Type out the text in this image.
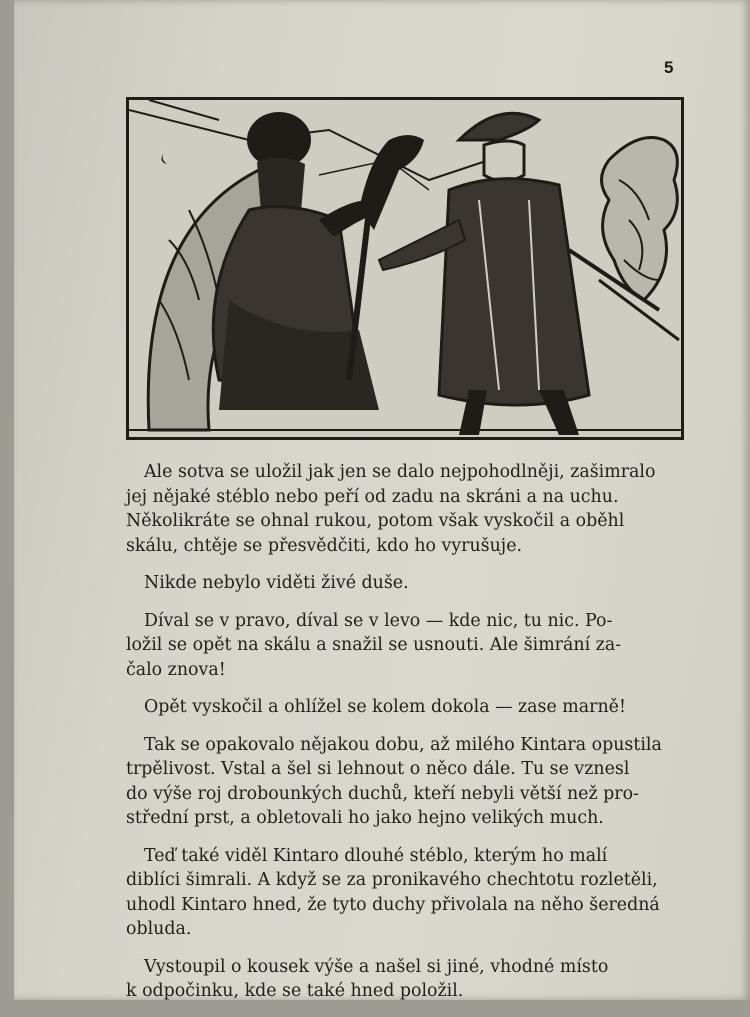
5

Ale sotva se uložil jak jen se dalo nejpohodlněji, zašimralo
jej nějaké stéblo nebo peří od zadu na skráni a na uchu.
Několikráte se ohnal rukou, potom však vyskočil a oběhl
skálu, chtěje se přesvědčiti, kdo ho vyrušuje.

Nikde nebylo viděti živé duše.

Díval se v pravo, díval se v levo — kde nic, tu nic. Po-
ložil se opět na skálu a snažil se usnouti. Ale šimrání za-
čalo znova!

Opět vyskočil a ohlížel se kolem dokola — zase marně!

Tak se opakovalo nějakou dobu, až milého Kintara opustila
trpělivost. Vstal a šel si lehnout o něco dále. Tu se vznesl
do výše roj drobounkých duchů, kteří nebyli větší než pro-
střední prst, a obletovali ho jako hejno velikých much.

Teď také viděl Kintaro dlouhé stéblo, kterým ho malí
diblíci šimrali. A když se za pronikavého chechtotu rozletěli,
uhodl Kintaro hned, že tyto duchy přivolala na něho šeredná
obluda.

Vystoupil o kousek výše a našel si jiné, vhodné místo
k odpočinku, kde se také hned položil.
